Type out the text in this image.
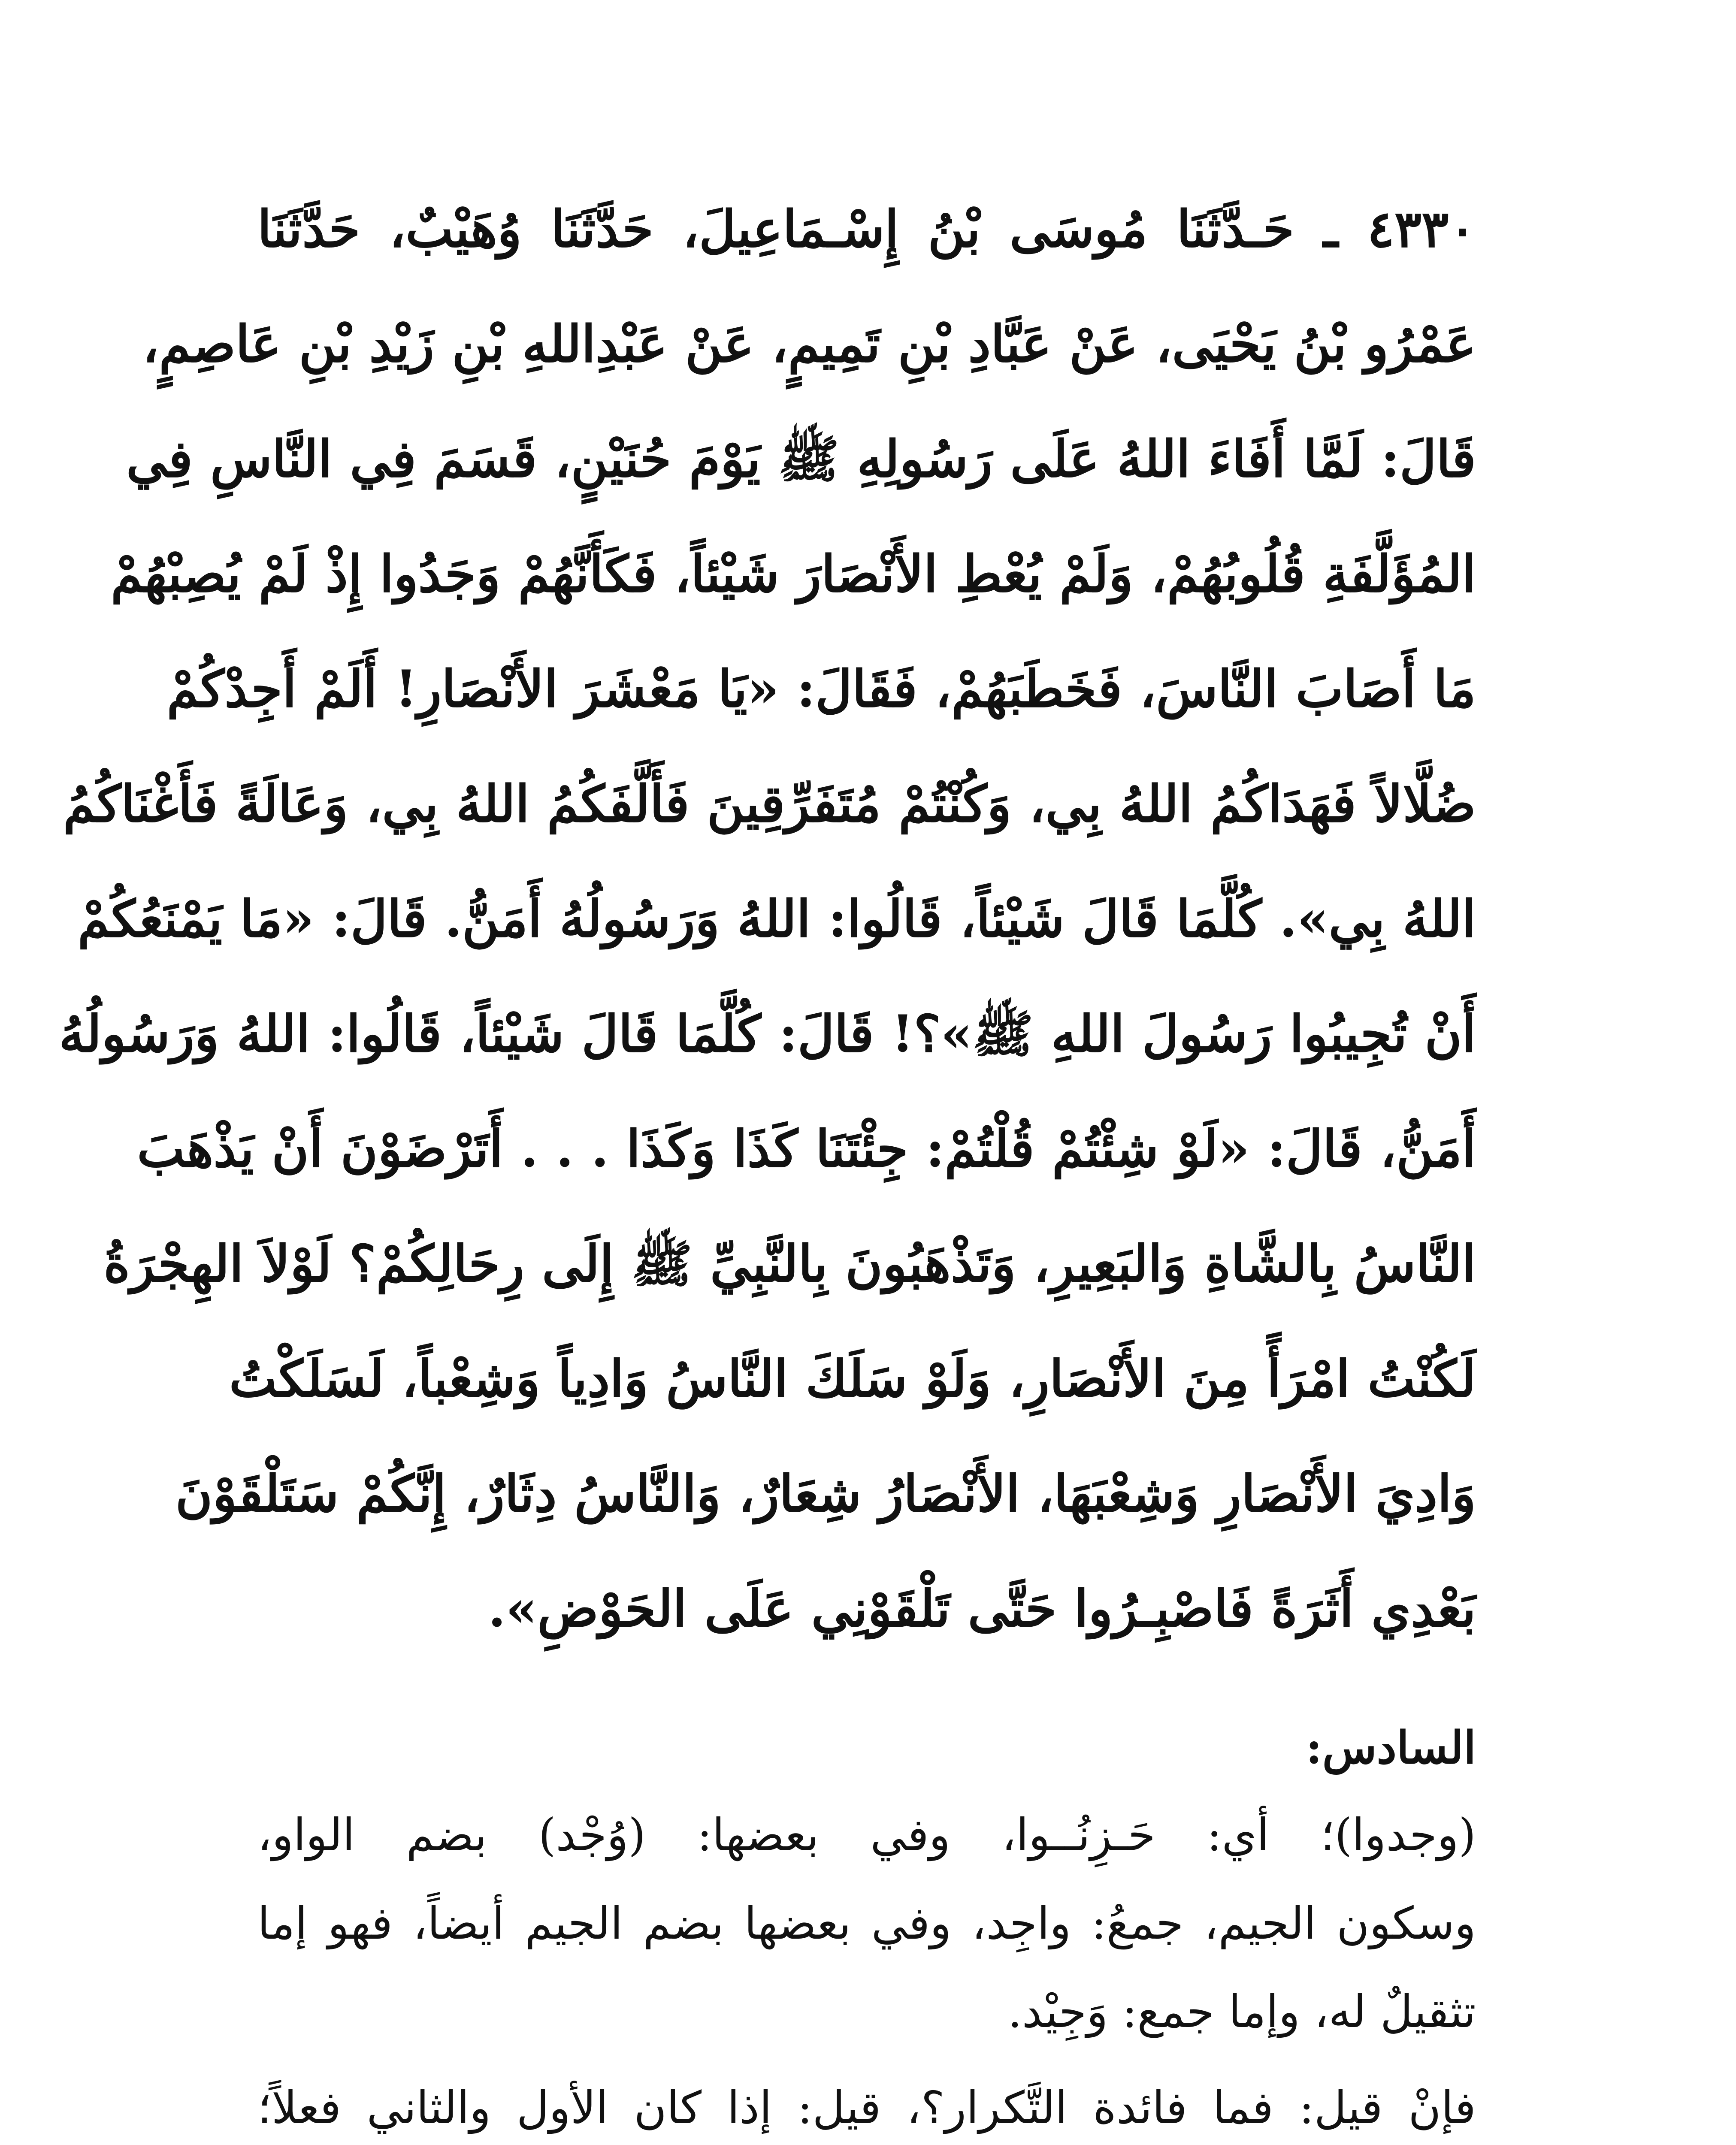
٤٣٣٠ ـ حَـدَّثَنَا مُوسَى بْنُ إِسْـمَاعِيلَ، حَدَّثَنَا وُهَيْبٌ، حَدَّثَنَا
عَمْرُو بْنُ يَحْيَى، عَنْ عَبَّادِ بْنِ تَمِيمٍ، عَنْ عَبْدِاللهِ بْنِ زَيْدِ بْنِ عَاصِمٍ،
قَالَ: لَمَّا أَفَاءَ اللهُ عَلَى رَسُولِهِ ﷺ يَوْمَ حُنَيْنٍ، قَسَمَ فِي النَّاسِ فِي
المُؤَلَّفَةِ قُلُوبُهُمْ، وَلَمْ يُعْطِ الأَنْصَارَ شَيْئاً، فَكَأَنَّهُمْ وَجَدُوا إِذْ لَمْ يُصِبْهُمْ
مَا أَصَابَ النَّاسَ، فَخَطَبَهُمْ، فَقَالَ: «يَا مَعْشَرَ الأَنْصَارِ! أَلَمْ أَجِدْكُمْ
ضُلَّالاً فَهَدَاكُمُ اللهُ بِي، وَكُنْتُمْ مُتَفَرِّقِينَ فَأَلَّفَكُمُ اللهُ بِي، وَعَالَةً فَأَغْنَاكُمُ
اللهُ بِي». كُلَّمَا قَالَ شَيْئاً، قَالُوا: اللهُ وَرَسُولُهُ أَمَنُّ. قَالَ: «مَا يَمْنَعُكُمْ
أَنْ تُجِيبُوا رَسُولَ اللهِ ﷺ»؟! قَالَ: كُلَّمَا قَالَ شَيْئاً، قَالُوا: اللهُ وَرَسُولُهُ
أَمَنُّ، قَالَ: «لَوْ شِئْتُمْ قُلْتُمْ: جِئْتَنَا كَذَا وَكَذَا . . . أَتَرْضَوْنَ أَنْ يَذْهَبَ
النَّاسُ بِالشَّاةِ وَالبَعِيرِ، وَتَذْهَبُونَ بِالنَّبِيِّ ﷺ إِلَى رِحَالِكُمْ؟ لَوْلاَ الهِجْرَةُ
لَكُنْتُ امْرَأً مِنَ الأَنْصَارِ، وَلَوْ سَلَكَ النَّاسُ وَادِياً وَشِعْباً، لَسَلَكْتُ
وَادِيَ الأَنْصَارِ وَشِعْبَهَا، الأَنْصَارُ شِعَارٌ، وَالنَّاسُ دِثَارٌ، إِنَّكُمْ سَتَلْقَوْنَ
بَعْدِي أَثَرَةً فَاصْبِـرُوا حَتَّى تَلْقَوْنِي عَلَى الحَوْضِ».
السادس:
(وجدوا)؛ أي: حَـزِنُــوا، وفي بعضها: (وُجْد) بضم الواو،
وسكون الجيم، جمعُ: واجِد، وفي بعضها بضم الجيم أيضاً، فهو إما
تثقيلٌ له، وإما جمع: وَجِيْد.
فإنْ قيل: فما فائدة التَّكرار؟، قيل: إذا كان الأول والثاني فعلاً؛
